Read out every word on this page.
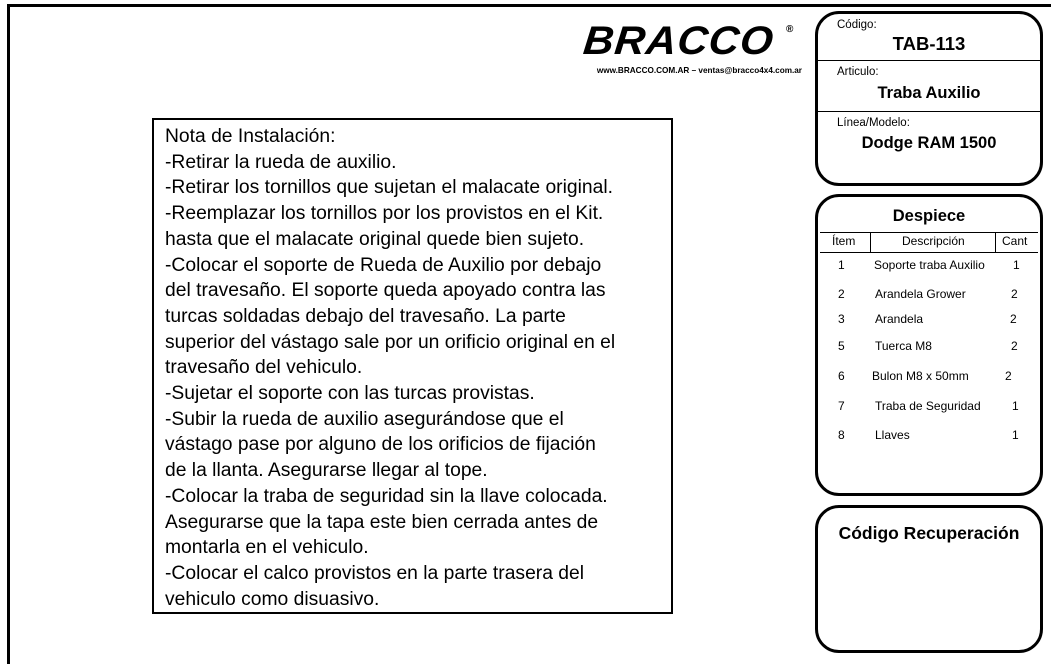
BRACCO ®
www.BRACCO.COM.AR – ventas@bracco4x4.com.ar
Nota de Instalación:
-Retirar la rueda de auxilio.
-Retirar los tornillos que sujetan el malacate original.
-Reemplazar los tornillos por los provistos en el Kit.
hasta que el malacate original quede bien sujeto.
-Colocar el soporte de Rueda de Auxilio por debajo
del travesaño. El soporte queda apoyado contra las
turcas soldadas debajo del travesaño. La parte
superior del vástago sale por un orificio original en el
travesaño del vehiculo.
-Sujetar el soporte con las turcas provistas.
-Subir la rueda de auxilio asegurándose que el
vástago pase por alguno de los orificios de fijación
de la llanta. Asegurarse llegar al tope.
-Colocar la traba de seguridad sin la llave colocada.
Asegurarse que la tapa este bien cerrada antes de
montarla en el vehiculo.
-Colocar el calco provistos en la parte trasera del
vehiculo como disuasivo.
Código:
TAB-113
Articulo:
Traba Auxilio
Línea/Modelo:
Dodge RAM 1500
Despiece
Ítem	Descripción	Cant
1 Soporte traba Auxilio 1
2	Arandela Grower	2
3	Arandela	2
5	Tuerca M8	2
6 Bulon M8 x 50mm	2
7	Traba de Seguridad	1
8	Llaves	1
Código Recuperación
